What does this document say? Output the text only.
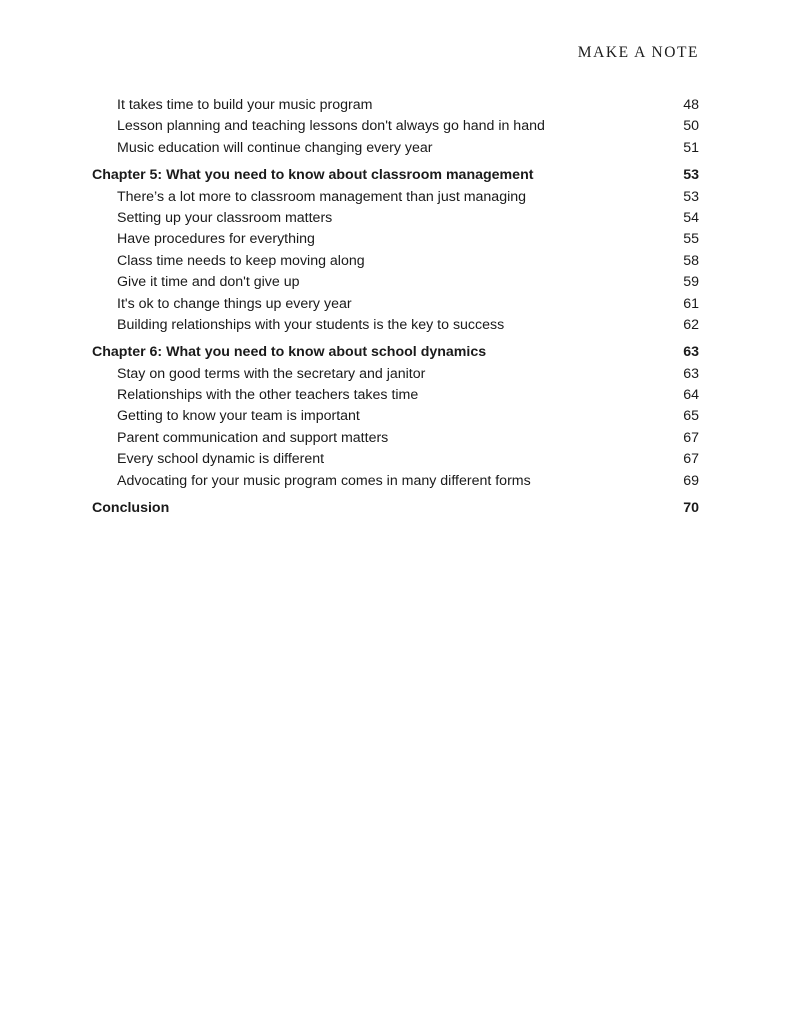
MAKE A NOTE
It takes time to build your music program	48
Lesson planning and teaching lessons don't always go hand in hand	50
Music education will continue changing every year	51
Chapter 5: What you need to know about classroom management	53
There’s a lot more to classroom management than just managing	53
Setting up your classroom matters	54
Have procedures for everything	55
Class time needs to keep moving along	58
Give it time and don't give up	59
It's ok to change things up every year	61
Building relationships with your students is the key to success	62
Chapter 6: What you need to know about school dynamics	63
Stay on good terms with the secretary and janitor	63
Relationships with the other teachers takes time	64
Getting to know your team is important	65
Parent communication and support matters	67
Every school dynamic is different	67
Advocating for your music program comes in many different forms	69
Conclusion	70
